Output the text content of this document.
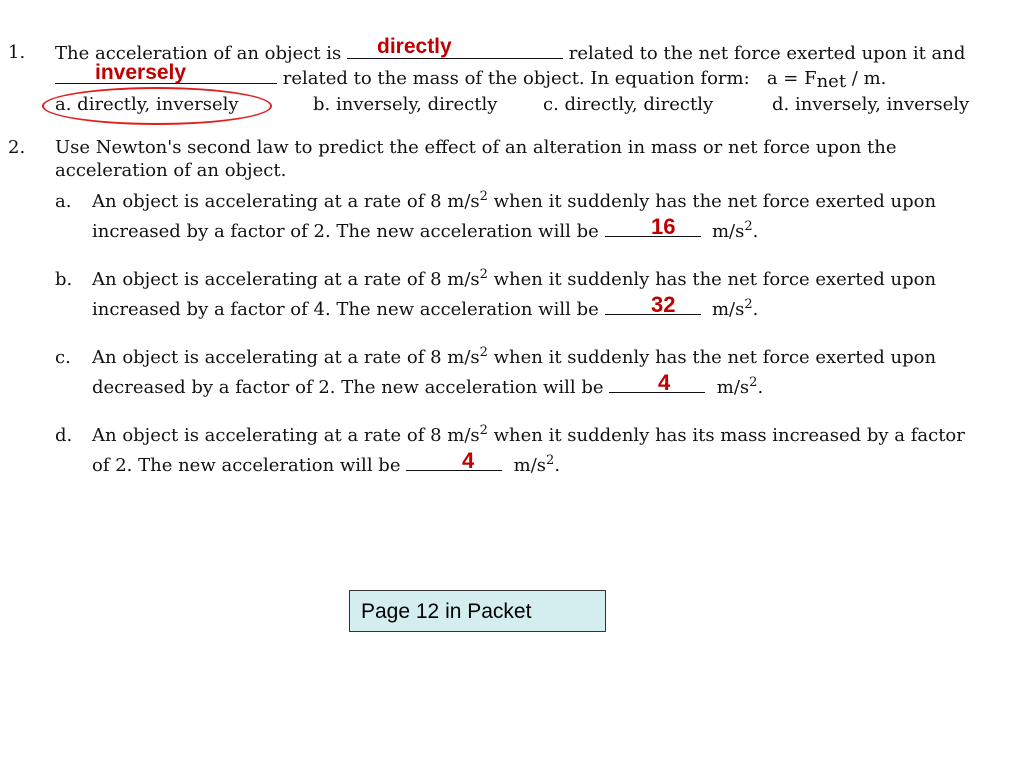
1. The acceleration of an object is	related to the net force exerted upon it and
directly
related to the mass of the object. In equation form: $a = F_{net} / m$.
inversely
a. directly, inversely	b. inversely, directly	c. directly, directly	d. inversely, inversely
2. Use Newton's second law to predict the effect of an alteration in mass or net force upon the
acceleration of an object.
a. An object is accelerating at a rate of 8 $m/s^2$ when it suddenly has the net force exerted upon
increased by a factor of 2. The new acceleration will be	$m/s^2$.
16
b. An object is accelerating at a rate of 8 $m/s^2$ when it suddenly has the net force exerted upon
increased by a factor of 4. The new acceleration will be	$m/s^2$.
32
c. An object is accelerating at a rate of 8 $m/s^2$ when it suddenly has the net force exerted upon
decreased by a factor of 2. The new acceleration will be	$m/s^2$.
4
d. An object is accelerating at a rate of 8 $m/s^2$ when it suddenly has its mass increased by a factor
of 2. The new acceleration will be	$m/s^2$.
4
Page 12 in Packet
